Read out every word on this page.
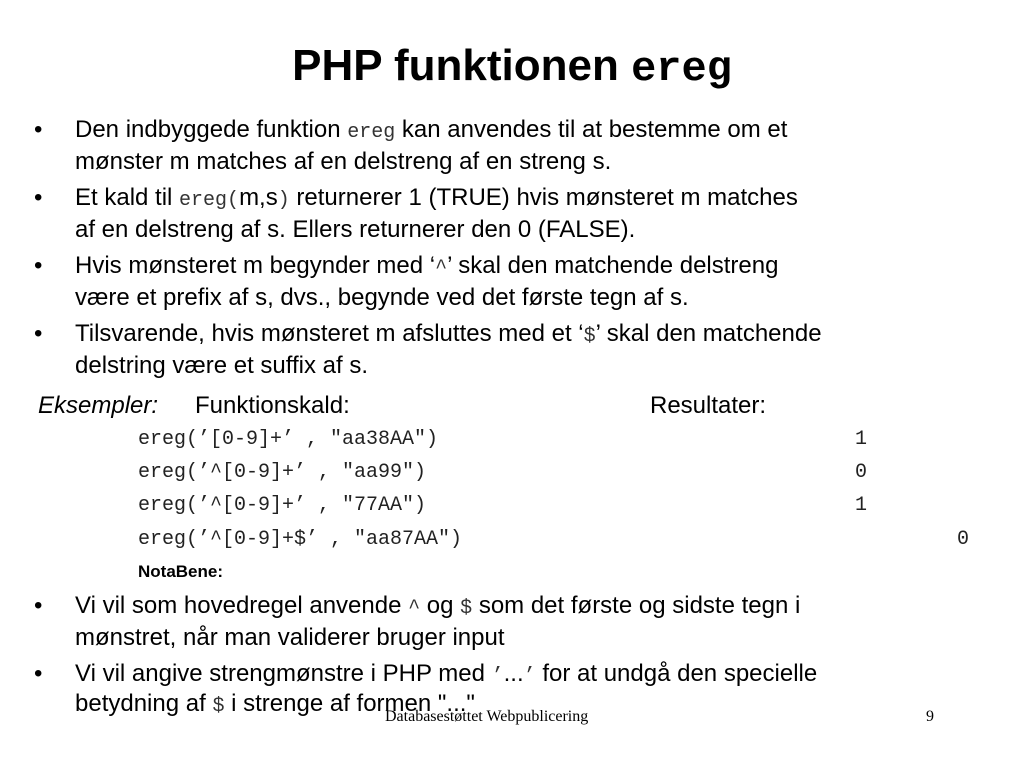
PHP funktionen ereg
• Den indbyggede funktion ereg kan anvendes til at bestemme om et
mønster m matches af en delstreng af en streng s.
• Et kald til ereg(m,s) returnerer 1 (TRUE) hvis mønsteret m matches
af en delstreng af s. Ellers returnerer den 0 (FALSE).
• Hvis mønsteret m begynder med ‘^’ skal den matchende delstreng
være et prefix af s, dvs., begynde ved det første tegn af s.
• Tilsvarende, hvis mønsteret m afsluttes med et ‘$’ skal den matchende
delstring være et suffix af s.
Eksempler: Funktionskald:	Resultater:
ereg(’[0-9]+’ , "aa38AA")	1
ereg(’^[0-9]+’ , "aa99")	0
ereg(’^[0-9]+’ , "77AA")	1
ereg(’^[0-9]+$’ , "aa87AA")	0
NotaBene:
• Vi vil som hovedregel anvende ^ og $ som det første og sidste tegn i
mønstret, når man validerer bruger input
• Vi vil angive strengmønstre i PHP med ’...’ for at undgå den specielle
betydning af $ i strenge af formen "..."
Databasestøttet Webpublicering	9
